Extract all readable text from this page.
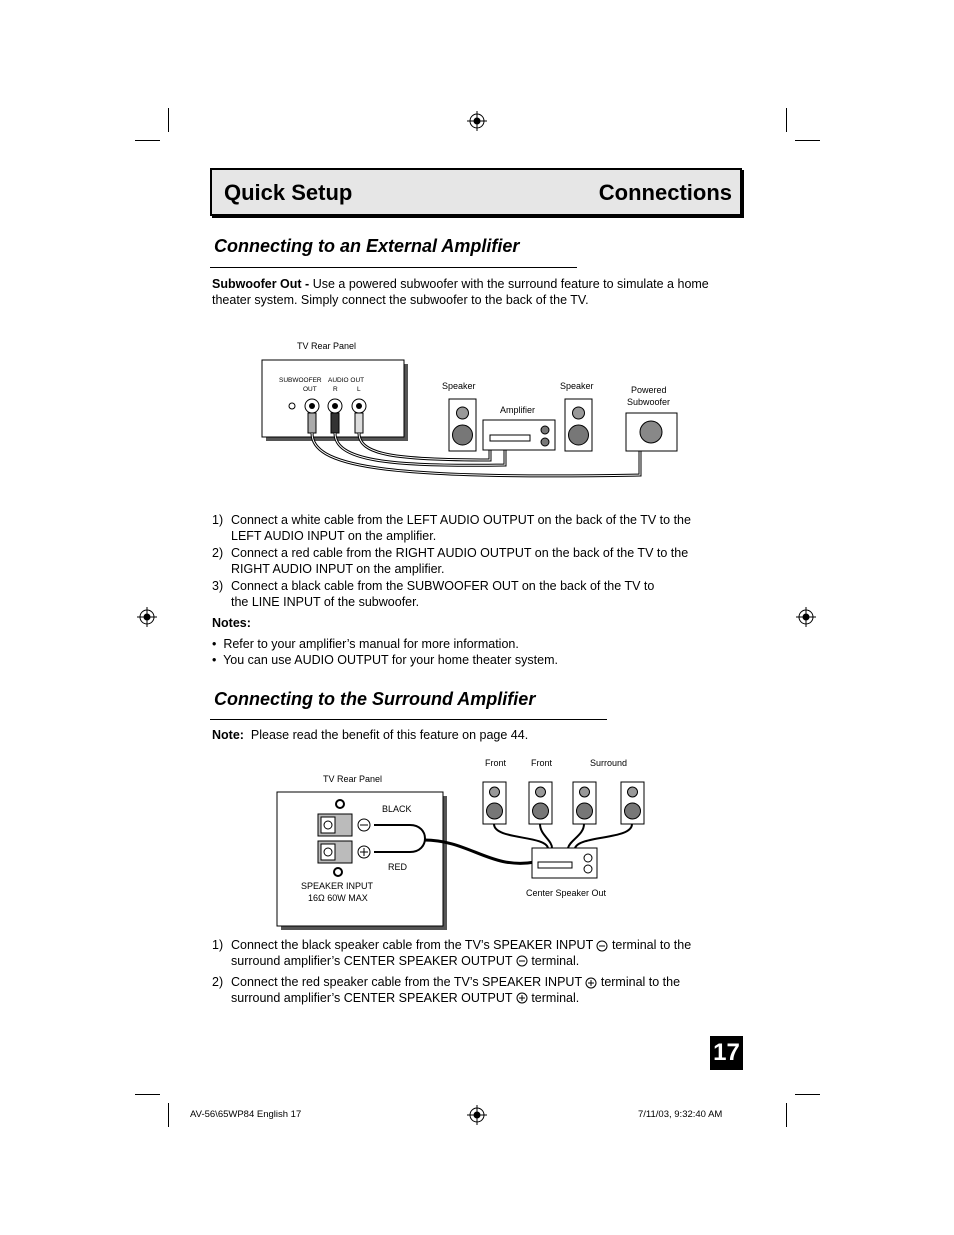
Quick Setup	Connections
Connecting to an External Amplifier
Subwoofer Out - Use a powered subwoofer with the surround feature to simulate a home
theater system. Simply connect the subwoofer to the back of the TV.
TV Rear Panel
SUBWOOFER
OUT
AUDIO OUT
R	L	Speaker	Speaker
Amplifier
Powered
Subwoofer
1) Connect a white cable from the LEFT AUDIO OUTPUT on the back of the TV to the
LEFT AUDIO INPUT on the amplifier.
2) Connect a red cable from the RIGHT AUDIO OUTPUT on the back of the TV to the
RIGHT AUDIO INPUT on the amplifier.
3) Connect a black cable from the SUBWOOFER OUT on the back of the TV to
the LINE INPUT of the subwoofer.
Notes:
•  Refer to your amplifier’s manual for more information.
•  You can use AUDIO OUTPUT for your home theater system.
Connecting to the Surround Amplifier
Note: Please read the benefit of this feature on page 44.
TV Rear Panel
Front	Front	Surround
BLACK
RED
SPEAKER INPUT
16Ω 60W MAX	Center Speaker Out
1) Connect the black speaker cable from the TV’s SPEAKER INPUT terminal to the
surround amplifier’s CENTER SPEAKER OUTPUT terminal.
2) Connect the red speaker cable from the TV’s SPEAKER INPUT terminal to the
surround amplifier’s CENTER SPEAKER OUTPUT terminal.
17
AV-56\65WP84 English 17	7/11/03, 9:32:40 AM
